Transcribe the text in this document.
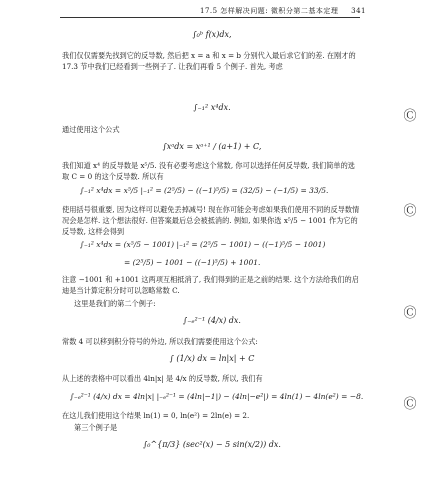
17.5 怎样解决问题: 微积分第二基本定理 341
∫₀ᵇ f(x)dx,
我们仅仅需要先找到它的反导数, 然后把 x = a 和 x = b 分别代入最后求它们的差. 在刚才的 17.3 节中我们已经看到一些例子了. 让我们再看 5 个例子. 首先, 考虑
∫₋₁² x⁴dx.
通过使用这个公式
∫xᵃdx = xᵃ⁺¹ / (a+1) + C,
我们知道 x⁴ 的反导数是 x⁵/5. 没有必要考虑这个常数, 你可以选择任何反导数, 我们简单的选取 C = 0 的这个反导数. 所以有
∫₋₁² x⁴dx = x⁵/5 |₋₁² = (2⁵/5) − ((−1)⁵/5) = (32/5) − (−1/5) = 33/5.
使用括号很重要, 因为这样可以避免丢掉减号! 现在你可能会考虑如果我们使用不同的反导数情况会是怎样. 这个想法很好. 但答案最后总会被抵消的. 例如, 如果你选 x⁵/5 − 1001 作为它的反导数, 这样会得到
∫₋₁² x⁴dx = (x⁵/5 − 1001) |₋₁² = (2⁵/5 − 1001) − ((−1)⁵/5 − 1001)
= (2⁵/5) − 1001 − ((−1)⁵/5) + 1001.
注意 −1001 和 +1001 这两项互相抵消了, 我们得到的正是之前的结果. 这个方法给我们的启迪是当计算定积分时可以忽略常数 C.
这里是我们的第二个例子:
∫₋ₑ²⁻¹ (4/x) dx.
常数 4 可以移到积分符号的外边, 所以我们需要使用这个公式:
∫ (1/x) dx = ln|x| + C
从上述的表格中可以看出 4ln|x| 是 4/x 的反导数, 所以, 我们有
∫₋ₑ²⁻¹ (4/x) dx = 4ln|x| |₋ₑ²⁻¹ = (4ln|−1|) − (4ln|−e²|) = 4ln(1) − 4ln(e²) = −8.
在这儿我们使用这个结果 ln(1) = 0, ln(e²) = 2ln(e) = 2.
第三个例子是
∫₀^{π/3} (sec²(x) − 5 sin(x/2)) dx.
Ⓒ
Ⓒ
Ⓒ
Ⓒ
